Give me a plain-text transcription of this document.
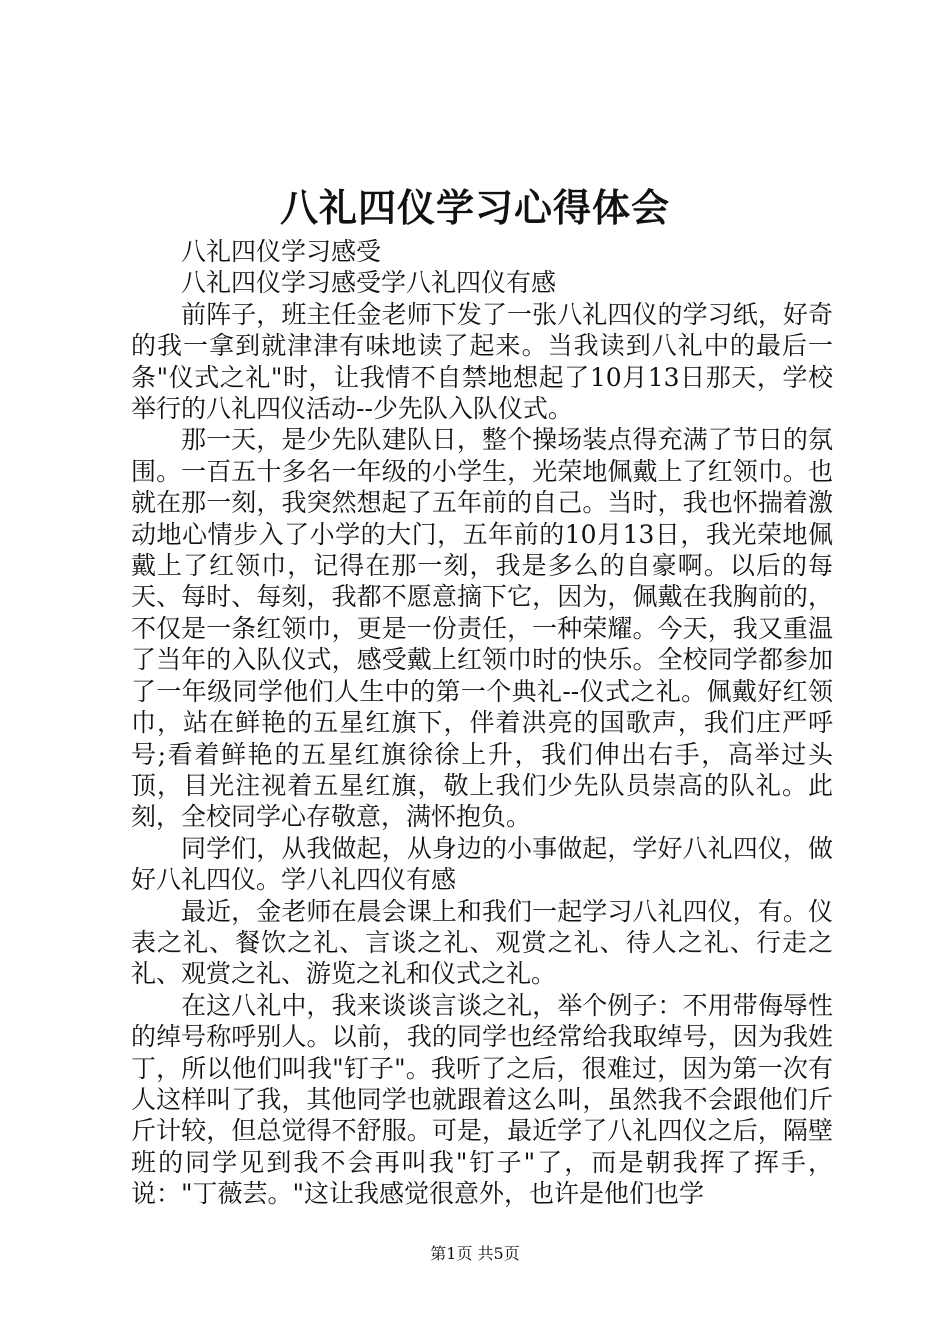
八礼四仪学习心得体会

八礼四仪学习感受

八礼四仪学习感受学八礼四仪有感

前阵子，班主任金老师下发了一张八礼四仪的学习纸，好奇的我一拿到就津津有味地读了起来。当我读到八礼中的最后一条"仪式之礼"时，让我情不自禁地想起了10月13日那天，学校举行的八礼四仪活动--少先队入队仪式。

那一天，是少先队建队日，整个操场装点得充满了节日的氛围。一百五十多名一年级的小学生，光荣地佩戴上了红领巾。也就在那一刻，我突然想起了五年前的自己。当时，我也怀揣着激动地心情步入了小学的大门，五年前的10月13日，我光荣地佩戴上了红领巾，记得在那一刻，我是多么的自豪啊。以后的每天、每时、每刻，我都不愿意摘下它，因为，佩戴在我胸前的，不仅是一条红领巾，更是一份责任，一种荣耀。今天，我又重温了当年的入队仪式，感受戴上红领巾时的快乐。全校同学都参加了一年级同学他们人生中的第一个典礼--仪式之礼。佩戴好红领巾，站在鲜艳的五星红旗下，伴着洪亮的国歌声，我们庄严呼号;看着鲜艳的五星红旗徐徐上升，我们伸出右手，高举过头顶，目光注视着五星红旗，敬上我们少先队员崇高的队礼。此刻，全校同学心存敬意，满怀抱负。

同学们，从我做起，从身边的小事做起，学好八礼四仪，做好八礼四仪。学八礼四仪有感

最近，金老师在晨会课上和我们一起学习八礼四仪，有。仪表之礼、餐饮之礼、言谈之礼、观赏之礼、待人之礼、行走之礼、观赏之礼、游览之礼和仪式之礼。

在这八礼中，我来谈谈言谈之礼，举个例子：不用带侮辱性的绰号称呼别人。以前，我的同学也经常给我取绰号，因为我姓丁，所以他们叫我"钉子"。我听了之后，很难过，因为第一次有人这样叫了我，其他同学也就跟着这么叫，虽然我不会跟他们斤斤计较，但总觉得不舒服。可是，最近学了八礼四仪之后，隔壁班的同学见到我不会再叫我"钉子"了，而是朝我挥了挥手，说："丁薇芸。"这让我感觉很意外，也许是他们也学

第1页 共5页
